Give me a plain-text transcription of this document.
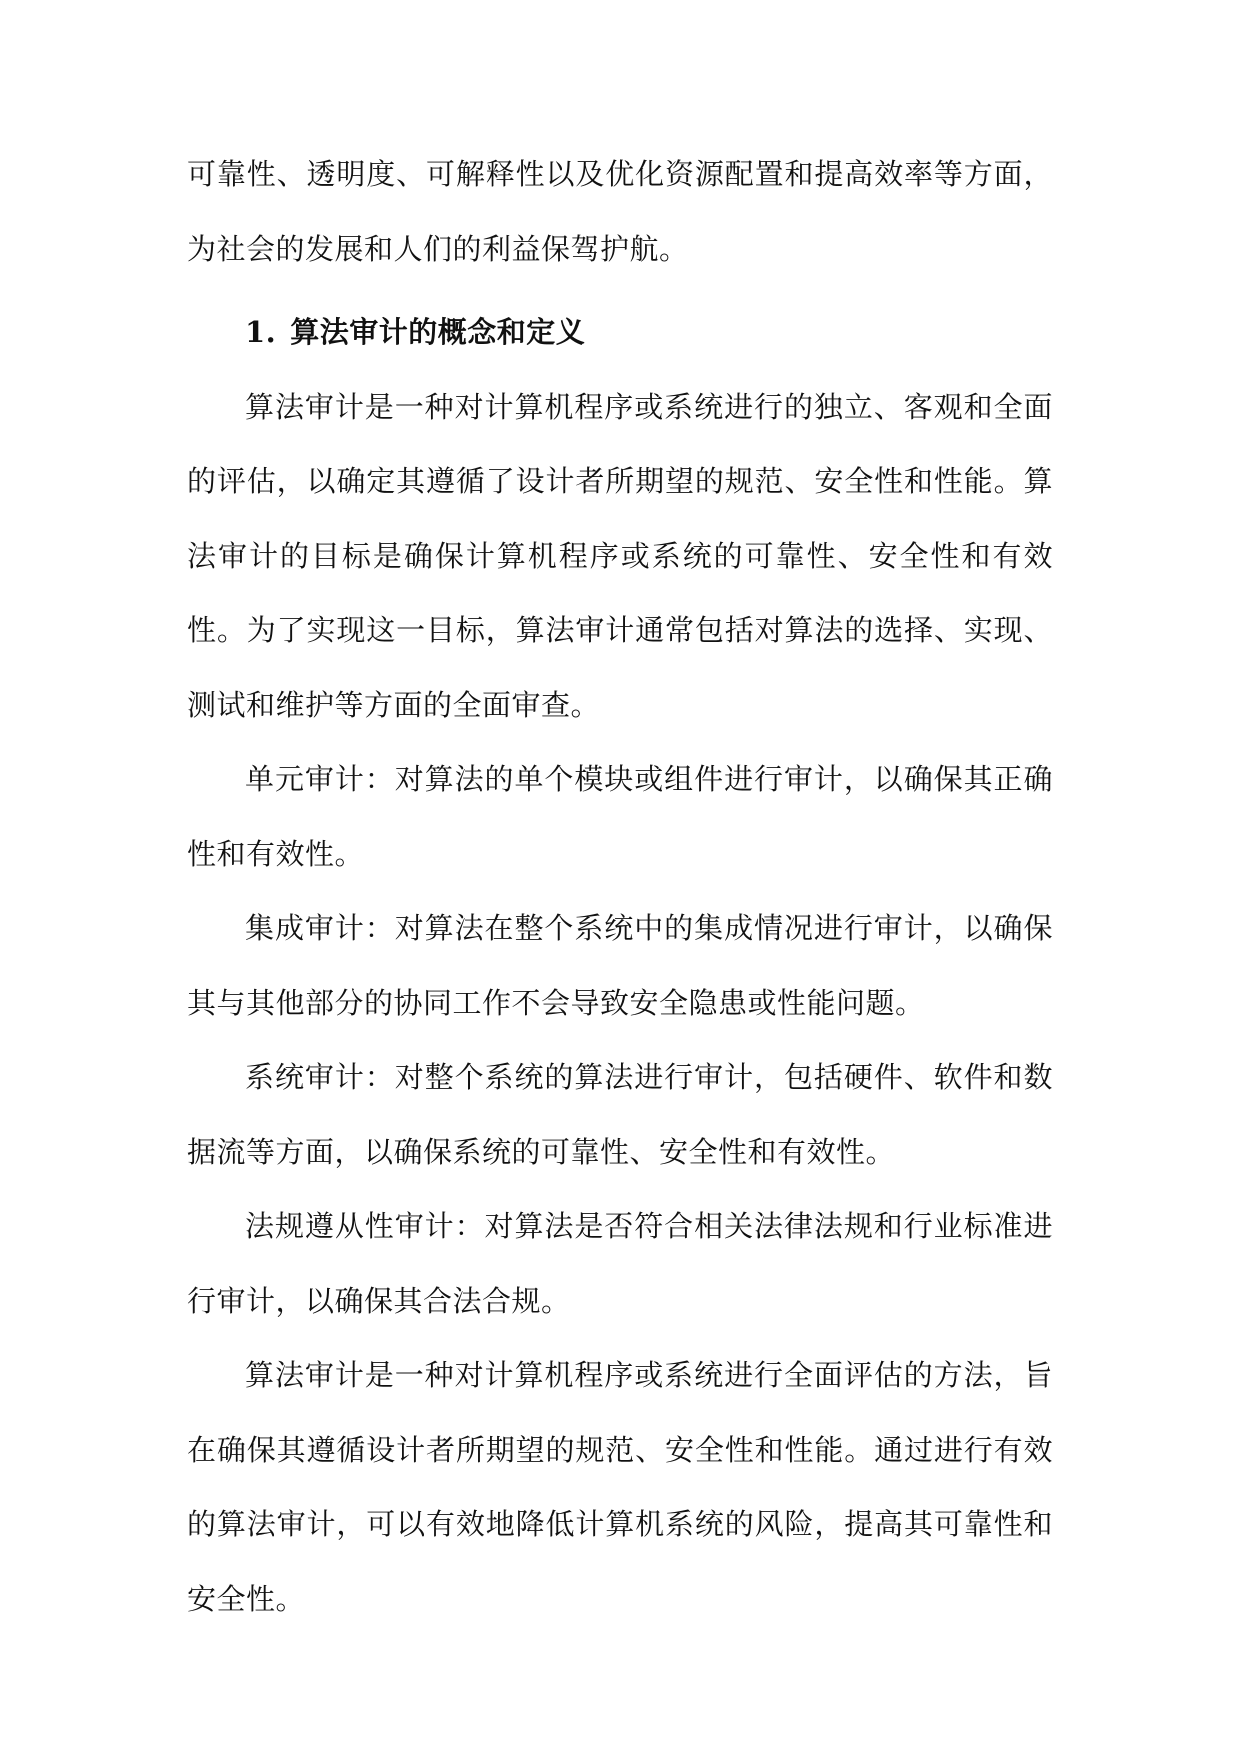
可靠性、透明度、可解释性以及优化资源配置和提高效率等方面，为社会的发展和人们的利益保驾护航。

1. 算法审计的概念和定义

算法审计是一种对计算机程序或系统进行的独立、客观和全面的评估，以确定其遵循了设计者所期望的规范、安全性和性能。算法审计的目标是确保计算机程序或系统的可靠性、安全性和有效性。为了实现这一目标，算法审计通常包括对算法的选择、实现、测试和维护等方面的全面审查。

单元审计：对算法的单个模块或组件进行审计，以确保其正确性和有效性。

集成审计：对算法在整个系统中的集成情况进行审计，以确保其与其他部分的协同工作不会导致安全隐患或性能问题。

系统审计：对整个系统的算法进行审计，包括硬件、软件和数据流等方面，以确保系统的可靠性、安全性和有效性。

法规遵从性审计：对算法是否符合相关法律法规和行业标准进行审计，以确保其合法合规。

算法审计是一种对计算机程序或系统进行全面评估的方法，旨在确保其遵循设计者所期望的规范、安全性和性能。通过进行有效的算法审计，可以有效地降低计算机系统的风险，提高其可靠性和安全性。
